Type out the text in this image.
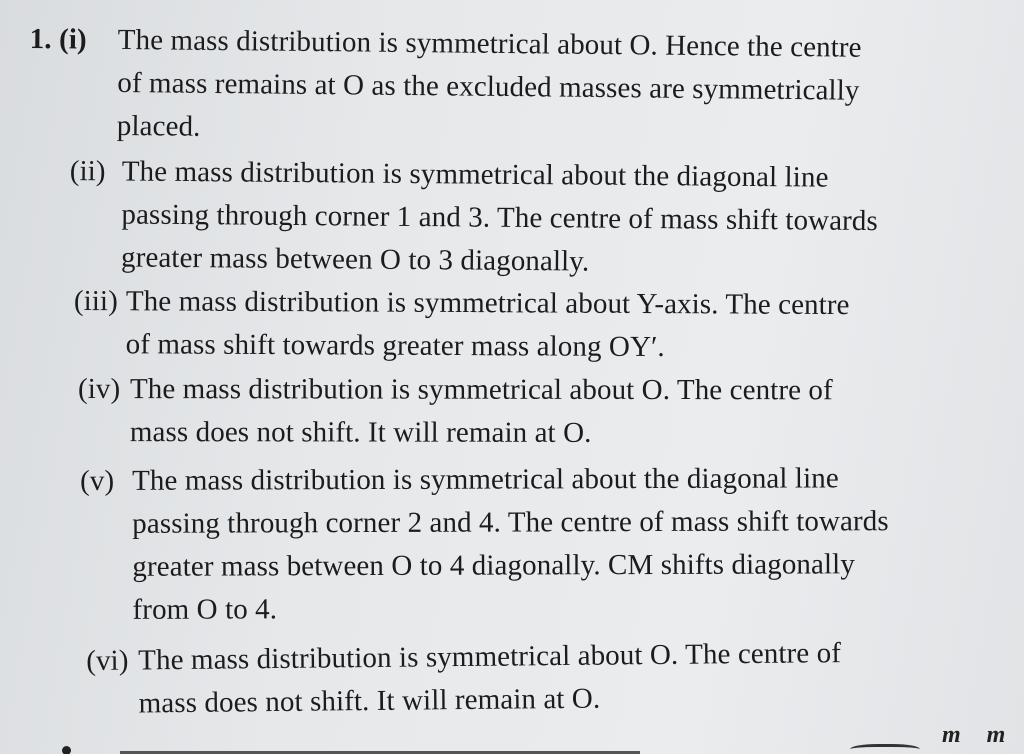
1. (i) The mass distribution is symmetrical about O. Hence the centre
of mass remains at O as the excluded masses are symmetrically
placed.
(ii) The mass distribution is symmetrical about the diagonal line
passing through corner 1 and 3. The centre of mass shift towards
greater mass between O to 3 diagonally.
(iii) The mass distribution is symmetrical about Y-axis. The centre
of mass shift towards greater mass along OY′.
(iv) The mass distribution is symmetrical about O. The centre of
mass does not shift. It will remain at O.
(v) The mass distribution is symmetrical about the diagonal line
passing through corner 2 and 4. The centre of mass shift towards
greater mass between O to 4 diagonally. CM shifts diagonally
from O to 4.
(vi) The mass distribution is symmetrical about O. The centre of
mass does not shift. It will remain at O.
m m
